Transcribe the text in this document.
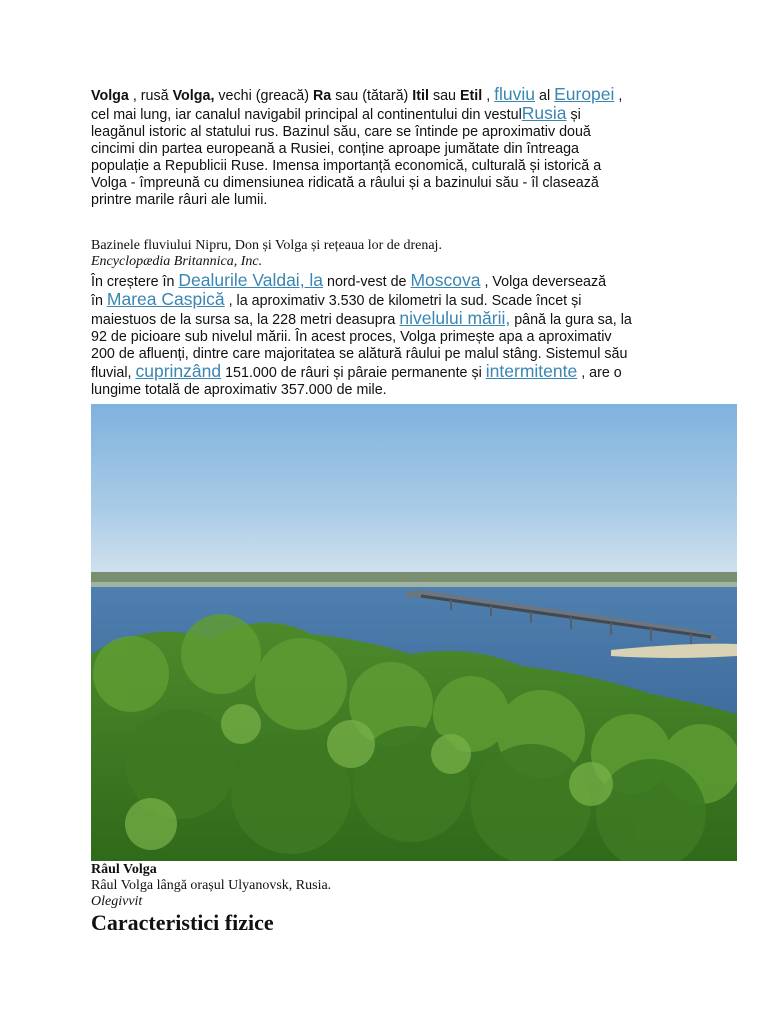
Volga , rusă Volga, vechi (greacă) Ra sau (tătară) Itil sau Etil , fluviu al Europei ,
cel mai lung, iar canalul navigabil principal al continentului din vestulRusia și
leagănul istoric al statului rus. Bazinul său, care se întinde pe aproximativ două
cincimi din partea europeană a Rusiei, conține aproape jumătate din întreaga
populație a Republicii Ruse. Imensa importanță economică, culturală și istorică a
Volga - împreună cu dimensiunea ridicată a râului și a bazinului său - îl clasează
printre marile râuri ale lumii.
Bazinele fluviului Nipru, Don și Volga și rețeaua lor de drenaj.
Encyclopædia Britannica, Inc.
În creștere în Dealurile Valdai, la nord-vest de Moscova , Volga deversează
în Marea Caspică , la aproximativ 3.530 de kilometri la sud. Scade încet și
maiestuos de la sursa sa, la 228 metri deasupra nivelului mării, până la gura sa, la
92 de picioare sub nivelul mării. În acest proces, Volga primește apa a aproximativ
200 de afluenți, dintre care majoritatea se alătură râului pe malul stâng. Sistemul său
fluvial, cuprinzând 151.000 de râuri și pâraie permanente și intermitente , are o
lungime totală de aproximativ 357.000 de mile.
Râul Volga
Râul Volga lângă orașul Ulyanovsk, Rusia.
Olegivvit
Caracteristici fizice
